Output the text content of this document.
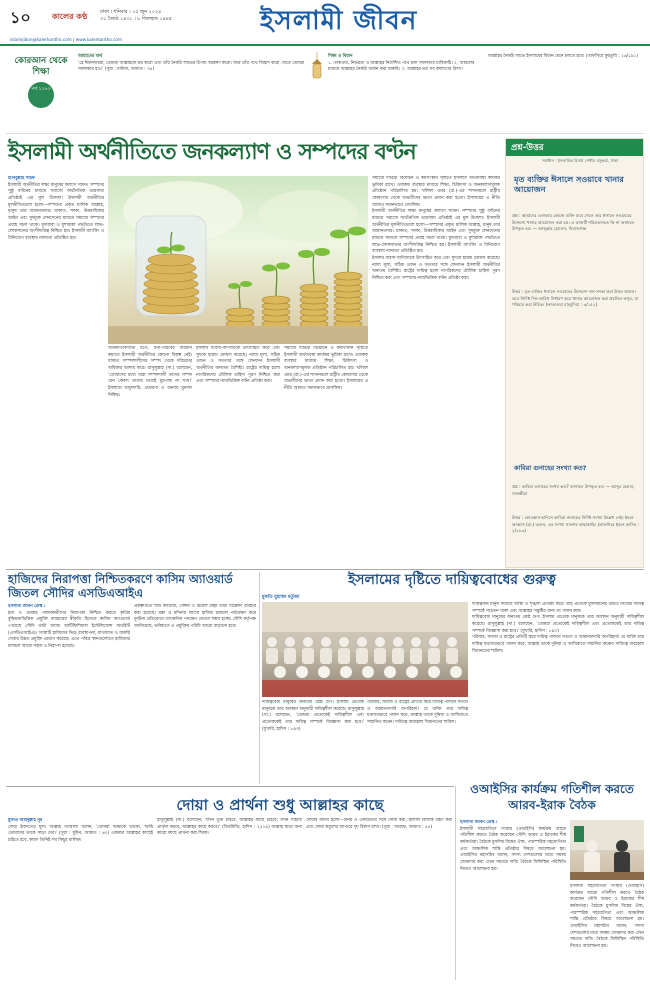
১০	কালের কণ্ঠ	ঢাকা । শনিবার । ১৫ জুন ২০২৪
৩১ জ্যৈষ্ঠ ১৪৩১ । ৮ জিলহজ ১৪৪৫	ইসলামী জীবন
islamijibon@kalerkantho.com | www.kalerkantho.com
কোরআন থেকে শিক্ষা
পর্ব ১১৮৩
আয়াতের অর্থ
‘হে ঈমানদাররা, তোমরা আল্লাহকে ভয় করো এবং তাঁর নৈকট্য লাভের উপায় অন্বেষণ করো। আর তাঁর পথে জিহাদ করো, যাতে তোমরা সফলকাম হও।’ (সুরা : মায়িদা, আয়াত : ৩৫)
শিক্ষা ও বিধান
১. তাকওয়া, নির্ভরতা ও আল্লাহর নির্দেশিত পথে চলা সফলতার চাবিকাঠি। ২. আমলের মাধ্যমে আল্লাহর নৈকট্য অর্জন করা জরুরি। ৩. আল্লাহর ভয় সব কল্যাণের উৎস।
আল্লাহর নৈকট্য লাভে ইসলামের বিধান মেনে চলতে হবে। (তাফসিরে কুরতুবি : ১৬/১৯১)
ইসলামী অর্থনীতিতে জনকল্যাণ ও সম্পদের বণ্টন
হাবিবুল্লাহ সাইফ
ইসলামী অর্থনীতির লক্ষ্য মানুষের কল্যাণ সাধন। সম্পদের সুষ্ঠু বণ্টনের মাধ্যমে সমাজে অর্থনৈতিক ভারসাম্য প্রতিষ্ঠাই এর মূল উদ্দেশ্য। ইসলামী অর্থনীতির মূলনীতিগুলো হলো—সম্পদের প্রকৃত মালিক আল্লাহ, মানুষ তার আমানতদার। যাকাত, সদকা, উত্তরাধিকার আইন এবং সুদমুক্ত লেনদেনের মাধ্যমে সমাজে সম্পদের প্রবাহ সচল থাকে। মুদারাবা ও মুশারাকা পদ্ধতিতে লাভ-লোকসানের অংশীদারিত্ব নিশ্চিত হয়। ইসলামী ব্যাংকিং ও বিনিয়োগ ব্যবস্থায় ন্যায্যতা প্রতিষ্ঠিত হয়।
অর্থনীতিবিদদের মতে, ধনী-গরিবের ব্যবধান কমাতে ইসলামী অর্থনীতির কোনো বিকল্প নেই। যাকাত সম্পদশালীদের সম্পদ থেকে দরিদ্রদের অধিকার আদায় করে। রাসুলুল্লাহ (সা.) বলেছেন, ‘তোমাদের মধ্যে যারা সম্পদশালী তাদের সম্পদ যেন কেবল তাদের মধ্যেই ঘুরপাক না খায়।’ ইসলামে মজুদদারি, প্রতারণা ও অন্যায় মুনাফা নিষিদ্ধ।
ইসলাম ব্যবসা-বাণিজ্যকে উৎসাহিত করে এবং সুদকে হারাম ঘোষণা করেছে। ন্যায্য মূল্য, সঠিক ওজন ও সততার সঙ্গে লেনদেন ইসলামী অর্থনীতির অন্যতম বৈশিষ্ট্য। রাষ্ট্রের দায়িত্ব হলো নাগরিকদের মৌলিক চাহিদা পূরণ নিশ্চিত করা এবং সম্পদের ন্যায়ভিত্তিক বণ্টন প্রতিষ্ঠা করা।
সমাজে দারিদ্র্য বিমোচন ও কর্মসংস্থান সৃষ্টিতে ইসলামী অর্থব্যবস্থা কার্যকর ভূমিকা রাখে। ওয়াকফ ব্যবস্থার মাধ্যমে শিক্ষা, চিকিৎসা ও জনকল্যাণমূলক প্রতিষ্ঠান পরিচালিত হয়। খলিফা ওমর (রা.)-এর শাসনামলে রাষ্ট্রীয় কোষাগার থেকে অভাবীদের ভাতা প্রদান করা হতো। ইসলামের এ নীতি আজও সমানভাবে প্রাসঙ্গিক।
সমাজে দারিদ্র্য বিমোচন ও কর্মসংস্থান সৃষ্টিতে ইসলামী অর্থব্যবস্থা কার্যকর ভূমিকা রাখে। ওয়াকফ ব্যবস্থার মাধ্যমে শিক্ষা, চিকিৎসা ও জনকল্যাণমূলক প্রতিষ্ঠান পরিচালিত হয়। খলিফা ওমর (রা.)-এর শাসনামলে রাষ্ট্রীয় কোষাগার থেকে অভাবীদের ভাতা প্রদান করা হতো। ইসলামের এ নীতি আজও সমানভাবে প্রাসঙ্গিক।
ইসলামী অর্থনীতির লক্ষ্য মানুষের কল্যাণ সাধন। সম্পদের সুষ্ঠু বণ্টনের মাধ্যমে সমাজে অর্থনৈতিক ভারসাম্য প্রতিষ্ঠাই এর মূল উদ্দেশ্য। ইসলামী অর্থনীতির মূলনীতিগুলো হলো—সম্পদের প্রকৃত মালিক আল্লাহ, মানুষ তার আমানতদার। যাকাত, সদকা, উত্তরাধিকার আইন এবং সুদমুক্ত লেনদেনের মাধ্যমে সমাজে সম্পদের প্রবাহ সচল থাকে। মুদারাবা ও মুশারাকা পদ্ধতিতে লাভ-লোকসানের অংশীদারিত্ব নিশ্চিত হয়। ইসলামী ব্যাংকিং ও বিনিয়োগ ব্যবস্থায় ন্যায্যতা প্রতিষ্ঠিত হয়।
ইসলাম ব্যবসা-বাণিজ্যকে উৎসাহিত করে এবং সুদকে হারাম ঘোষণা করেছে। ন্যায্য মূল্য, সঠিক ওজন ও সততার সঙ্গে লেনদেন ইসলামী অর্থনীতির অন্যতম বৈশিষ্ট্য। রাষ্ট্রের দায়িত্ব হলো নাগরিকদের মৌলিক চাহিদা পূরণ নিশ্চিত করা এবং সম্পদের ন্যায়ভিত্তিক বণ্টন প্রতিষ্ঠা করা।
প্রশ্ন-উত্তর
সমাধান : ইসলামিক রিসার্চ সেন্টার বসুন্ধরা, ঢাকা
মৃত ব্যক্তির ঈসালে সওয়াবে খানার আয়োজন
প্রশ্ন : আমাদের এলাকায় কোনো ব্যক্তি মারা গেলে তার ঈসালে সওয়াবের উদ্দেশ্যে খানার আয়োজন করা হয়। এ কাজটি শরিয়তসম্মত কি না জানালে উপকৃত হব। — আব্দুল্লাহ হোসেন, সিরাজগঞ্জ
উত্তর : মৃত ব্যক্তির ঈসালে সওয়াবের উদ্দেশ্যে দান-সদকা করা উত্তম আমল। তবে নির্দিষ্ট দিন-তারিখ নির্ধারণ করে খানার আয়োজন করা প্রচলিত রুসুম, যা পরিহার করা উচিত। (ফাতাওয়া মাহমুদিয়া : ৩/১৫২)
কাবিরা গুনাহের সংখ্যা কত?
প্রশ্ন : কাবিরা গুনাহের সংখ্যা কত? জানালে উপকৃত হব। — আব্দুর রহমান, সাতক্ষীরা
উত্তর : কোরআন-হাদিসে কাবিরা গুনাহের নির্দিষ্ট সংখ্যা উল্লেখ নেই। ইবনে আব্বাস (রা.) বলেন, এর সংখ্যা সাতশর কাছাকাছি। (তাফসিরে ইবনে কাসির : ২/২৮৩)
হাজিদের নিরাপত্তা নিশ্চিতকরণে কাসিম অ্যাওয়ার্ড জিতল সৌদির এসডিএআইএ
ইসলামী জীবন ডেস্ক :
হজ ও ওমরাহ পালনকারীদের নিরাপত্তা নিশ্চিত করতে কৃত্রিম বুদ্ধিমত্তাভিত্তিক প্রযুক্তি ব্যবহারের স্বীকৃতি হিসেবে কাসিম অ্যাওয়ার্ড পেয়েছে সৌদি ডাটা অ্যান্ড আর্টিফিশিয়াল ইন্টেলিজেন্স অথরিটি (এসডিএআইএ)। সংস্থাটি হাজিদের ভিড় ব্যবস্থাপনা, যাতায়াত ও জরুরি সেবায় উন্নত প্রযুক্তি প্রয়োগ করেছে। এতে পবিত্র স্থানগুলোতে হাজিদের চলাচল আরো সহজ ও নিরাপদ হয়েছে।
প্রকল্পটিতে স্মার্ট ক্যামেরা, সেন্সর ও রিয়েল টাইম ডাটা বিশ্লেষণ ব্যবহার করা হয়েছে। মক্কা ও মদিনায় লাখো হাজির চলাচল পর্যবেক্ষণ করে দুর্ঘটনা প্রতিরোধে তাৎক্ষণিক পদক্ষেপ নেওয়া সম্ভব হচ্ছে। সৌদি কর্তৃপক্ষ জানিয়েছে, ভবিষ্যতে এ প্রযুক্তির পরিধি আরো বাড়ানো হবে।
ইসলামের দৃষ্টিতে দায়িত্ববোধের গুরুত্ব
মুফতি মুহাম্মদ মর্তুজা
দায়িত্ববান মানুষ সমাজে আস্থা ও শৃঙ্খলা প্রতিষ্ঠা করে। তাই প্রত্যেক মুসলমানের উচিত নিজের দায়িত্ব সম্পর্কে সচেতন থাকা এবং আল্লাহর সন্তুষ্টির জন্য তা পালন করা।
দায়িত্ববোধ মানুষের অন্যতম শ্রেষ্ঠ গুণ। ইসলাম প্রত্যেক মানুষকে তার অবস্থান অনুযায়ী দায়িত্বশীল করেছে। রাসুলুল্লাহ (সা.) বলেছেন, ‘তোমরা প্রত্যেকেই দায়িত্বশীল এবং প্রত্যেককেই তার দায়িত্ব সম্পর্কে জিজ্ঞাসা করা হবে।’ (বুখারি, হাদিস : ৮৯৩)
পরিবার, সমাজ ও রাষ্ট্রের প্রতিটি স্তরে দায়িত্ব পালনে সততা ও আমানতদারি অপরিহার্য। যে ব্যক্তি তার দায়িত্ব যথাযথভাবে পালন করে, আল্লাহ তাকে দুনিয়া ও আখিরাতে সম্মানিত করেন। দায়িত্বে অবহেলা খিয়ানতের শামিল।
দায়িত্ববোধ মানুষের অন্যতম শ্রেষ্ঠ গুণ। ইসলাম প্রত্যেক মানুষকে তার অবস্থান অনুযায়ী দায়িত্বশীল করেছে। রাসুলুল্লাহ (সা.) বলেছেন, ‘তোমরা প্রত্যেকেই দায়িত্বশীল এবং প্রত্যেককেই তার দায়িত্ব সম্পর্কে জিজ্ঞাসা করা হবে।’ (বুখারি, হাদিস : ৮৯৩)
পরিবার, সমাজ ও রাষ্ট্রের প্রতিটি স্তরে দায়িত্ব পালনে সততা ও আমানতদারি অপরিহার্য। যে ব্যক্তি তার দায়িত্ব যথাযথভাবে পালন করে, আল্লাহ তাকে দুনিয়া ও আখিরাতে সম্মানিত করেন। দায়িত্বে অবহেলা খিয়ানতের শামিল।
দোয়া ও প্রার্থনা শুধু আল্লাহর কাছে
মুফতি আবদুল্লাহ নূর
দোয়া ইবাদতের মূল। আল্লাহ তাআলা বলেন, ‘তোমরা আমাকে ডাকো, আমি তোমাদের ডাকে সাড়া দেব।’ (সুরা : মুমিন, আয়াত : ৬০) একমাত্র আল্লাহর কাছেই চাইতে হবে, কারণ তিনিই সব কিছুর মালিক।
রাসুলুল্লাহ (সা.) বলেছেন, ‘যখন তুমি চাইবে, আল্লাহর কাছে চাইবে; যখন সাহায্য প্রার্থনা করবে, আল্লাহর কাছে করবে।’ (তিরমিজি, হাদিস : ২৫১৬) আল্লাহ ছাড়া অন্য কারো কাছে প্রার্থনা করা শিরক।
দোয়ার আদব হলো—বিনয় ও একাগ্রতার সঙ্গে দোয়া করা, হালাল রিজিক গ্রহণ করা এবং দোয়া কবুলের ব্যাপারে দৃঢ় বিশ্বাস রাখা। (সুরা : আরাফ, আয়াত : ৫৫)
ওআইসির কার্যক্রম গতিশীল করতে আরব-ইরাক বৈঠক
ইসলামী জীবন ডেস্ক :
ইসলামী সহযোগিতা সংস্থার (ওআইসি) কার্যক্রম আরো গতিশীল করতে বৈঠক করেছেন সৌদি আরব ও ইরাকের শীর্ষ কর্মকর্তারা। বৈঠকে মুসলিম বিশ্বের ঐক্য, পারস্পরিক সহযোগিতা এবং আঞ্চলিক শান্তি প্রতিষ্ঠার বিষয়ে আলোচনা হয়। ওআইসির মহাসচিব বলেন, সদস্য দেশগুলোর মধ্যে সমন্বয় জোরদার করা এখন সময়ের দাবি। বৈঠকে ফিলিস্তিন পরিস্থিতি নিয়েও আলোচনা হয়।
ইসলামী সহযোগিতা সংস্থার (ওআইসি) কার্যক্রম আরো গতিশীল করতে বৈঠক করেছেন সৌদি আরব ও ইরাকের শীর্ষ কর্মকর্তারা। বৈঠকে মুসলিম বিশ্বের ঐক্য, পারস্পরিক সহযোগিতা এবং আঞ্চলিক শান্তি প্রতিষ্ঠার বিষয়ে আলোচনা হয়। ওআইসির মহাসচিব বলেন, সদস্য দেশগুলোর মধ্যে সমন্বয় জোরদার করা এখন সময়ের দাবি। বৈঠকে ফিলিস্তিন পরিস্থিতি নিয়েও আলোচনা হয়।
